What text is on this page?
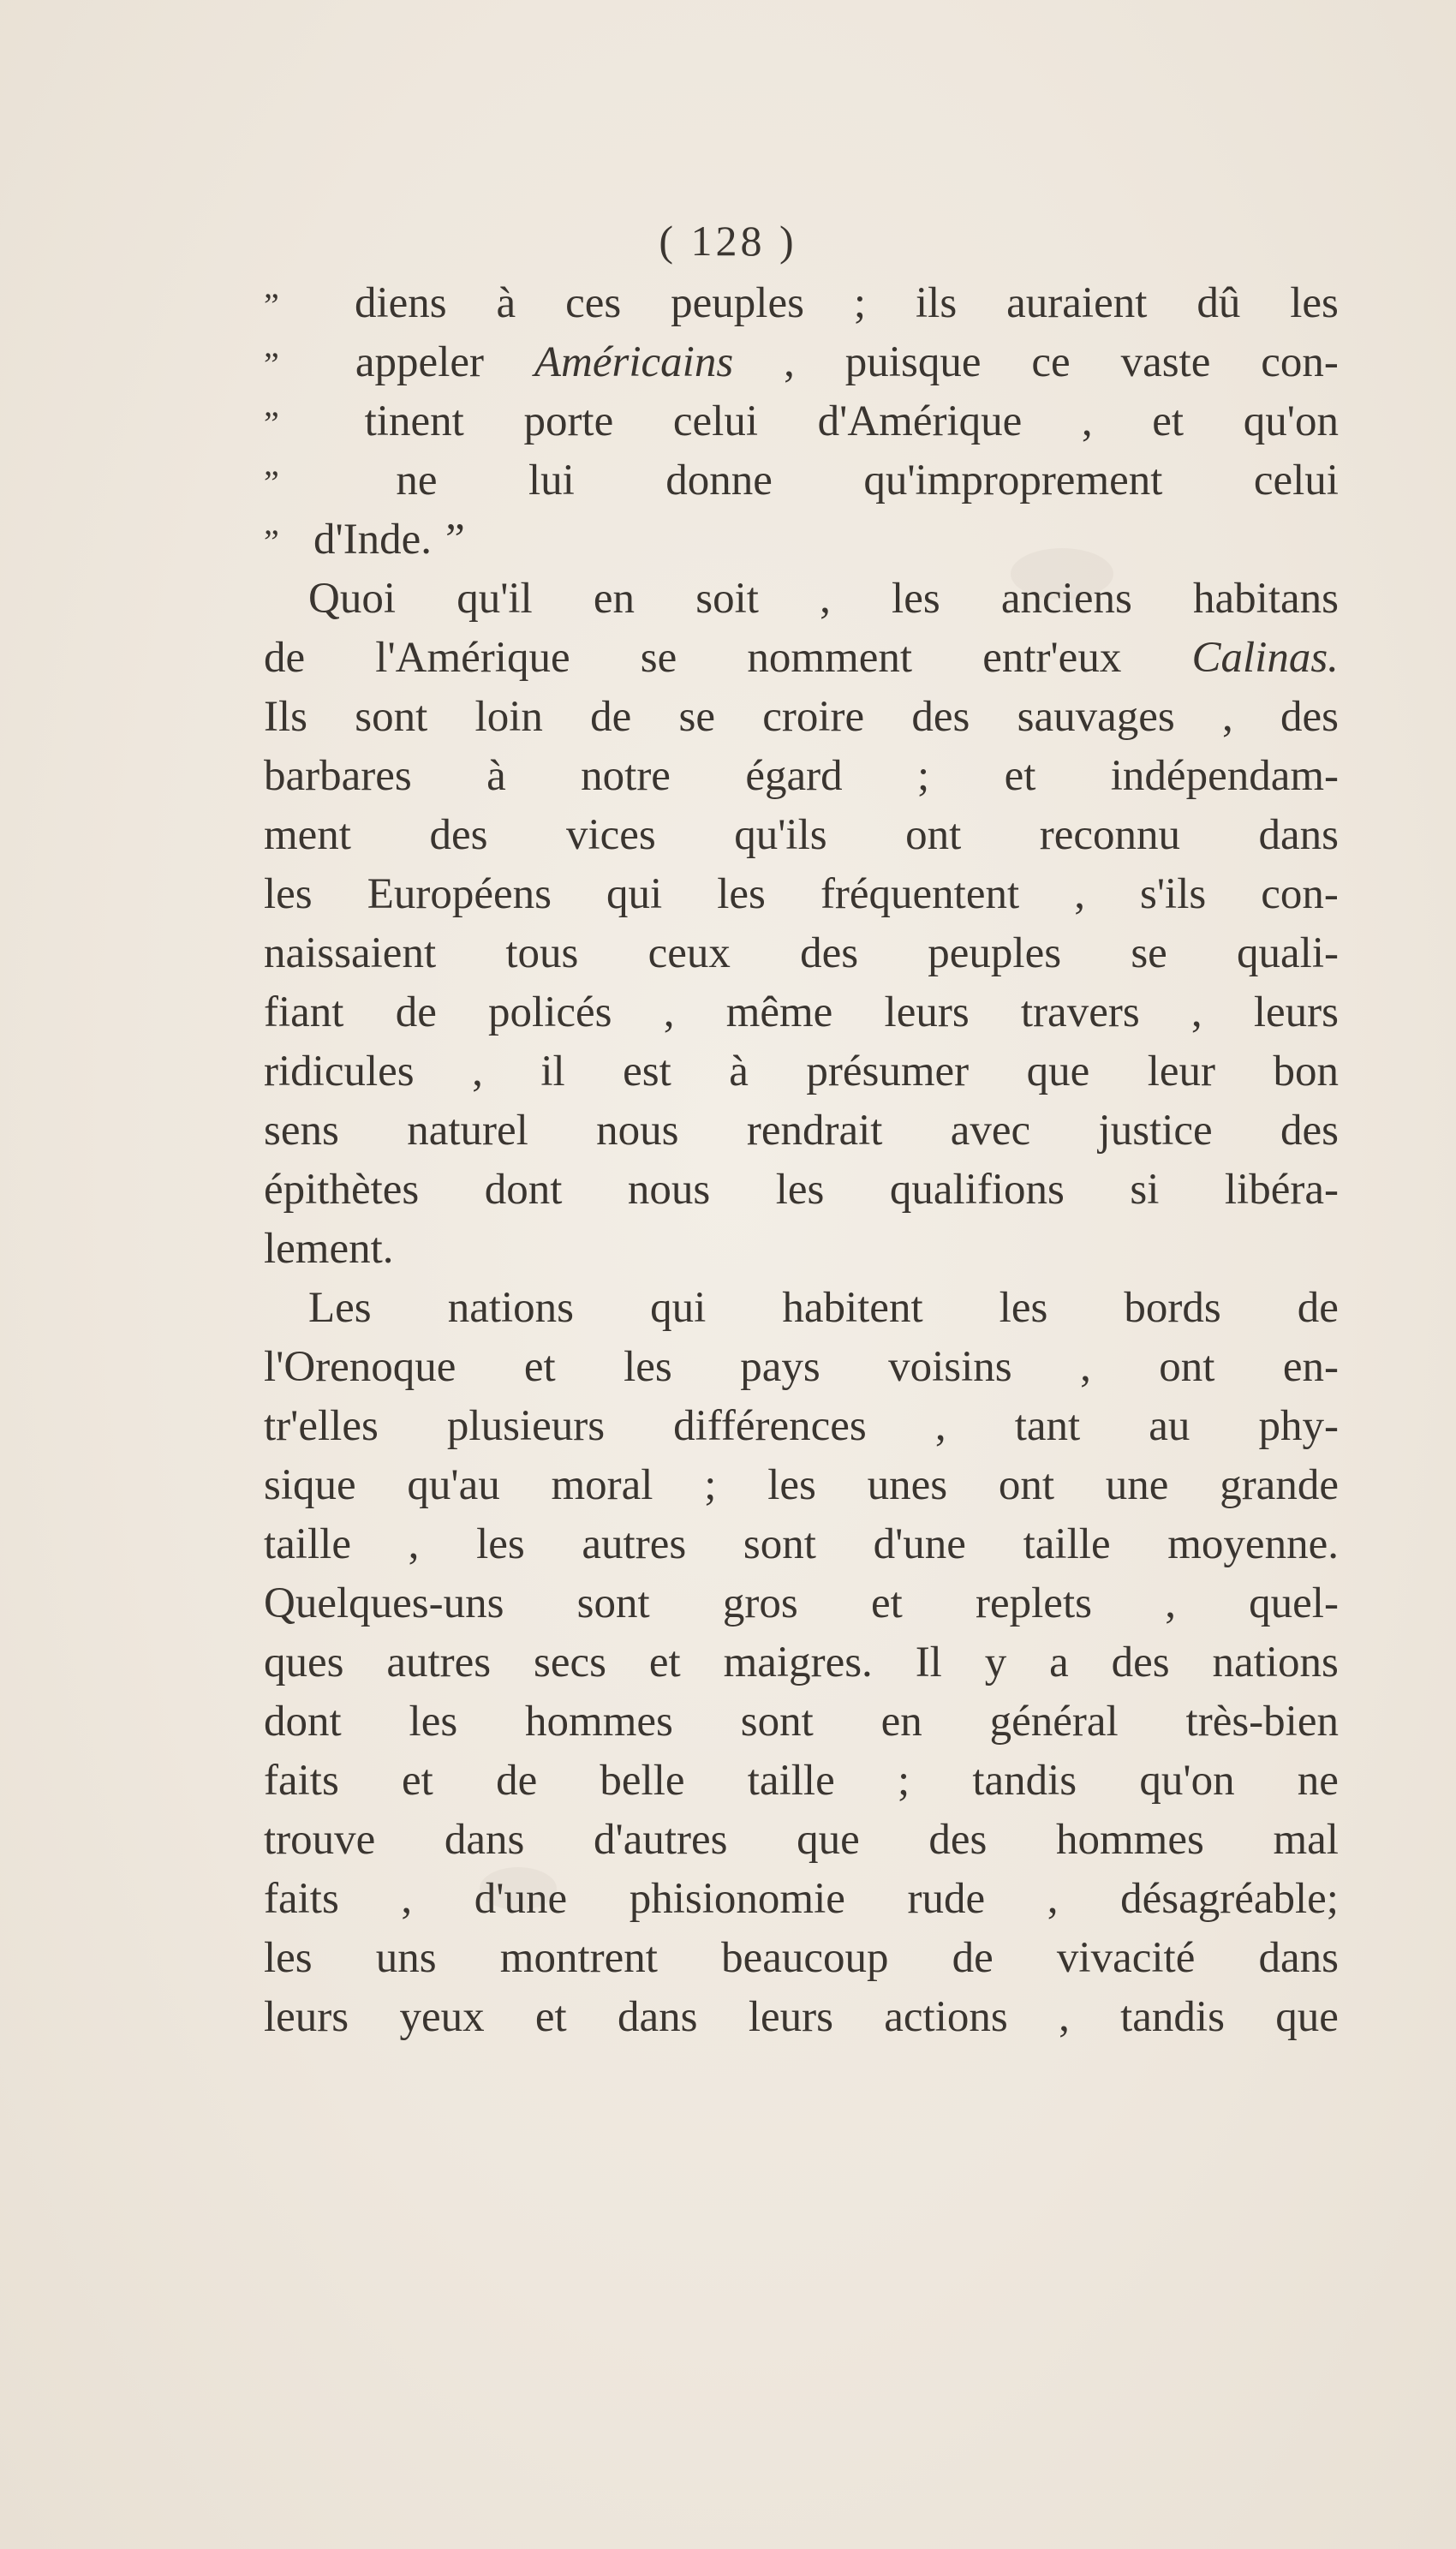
( 128 )
”	diens à ces peuples ; ils auraient dû les
”	appeler Américains , puisque ce vaste con-
”	tinent porte celui d'Amérique , et qu'on
”	ne lui donne qu'improprement celui
” d'Inde. ”
Quoi qu'il en soit , les anciens habitans
de l'Amérique se nomment entr'eux Calinas.
Ils sont loin de se croire des sauvages , des
barbares à notre égard ; et indépendam-
ment des vices qu'ils ont reconnu dans
les Européens qui les fréquentent , s'ils con-
naissaient tous ceux des peuples se quali-
fiant de policés , même leurs travers , leurs
ridicules , il est à présumer que leur bon
sens naturel nous rendrait avec justice des
épithètes dont nous les qualifions si libéra-
lement.
Les nations qui habitent les bords de
l'Orenoque et les pays voisins , ont en-
tr'elles plusieurs différences , tant au phy-
sique qu'au moral ; les unes ont une grande
taille , les autres sont d'une taille moyenne.
Quelques-uns sont gros et replets , quel-
ques autres secs et maigres. Il y a des nations
dont les hommes sont en général très-bien
faits et de belle taille ; tandis qu'on ne
trouve dans d'autres que des hommes mal
faits , d'une phisionomie rude , désagréable;
les uns montrent beaucoup de vivacité dans
leurs yeux et dans leurs actions , tandis que
